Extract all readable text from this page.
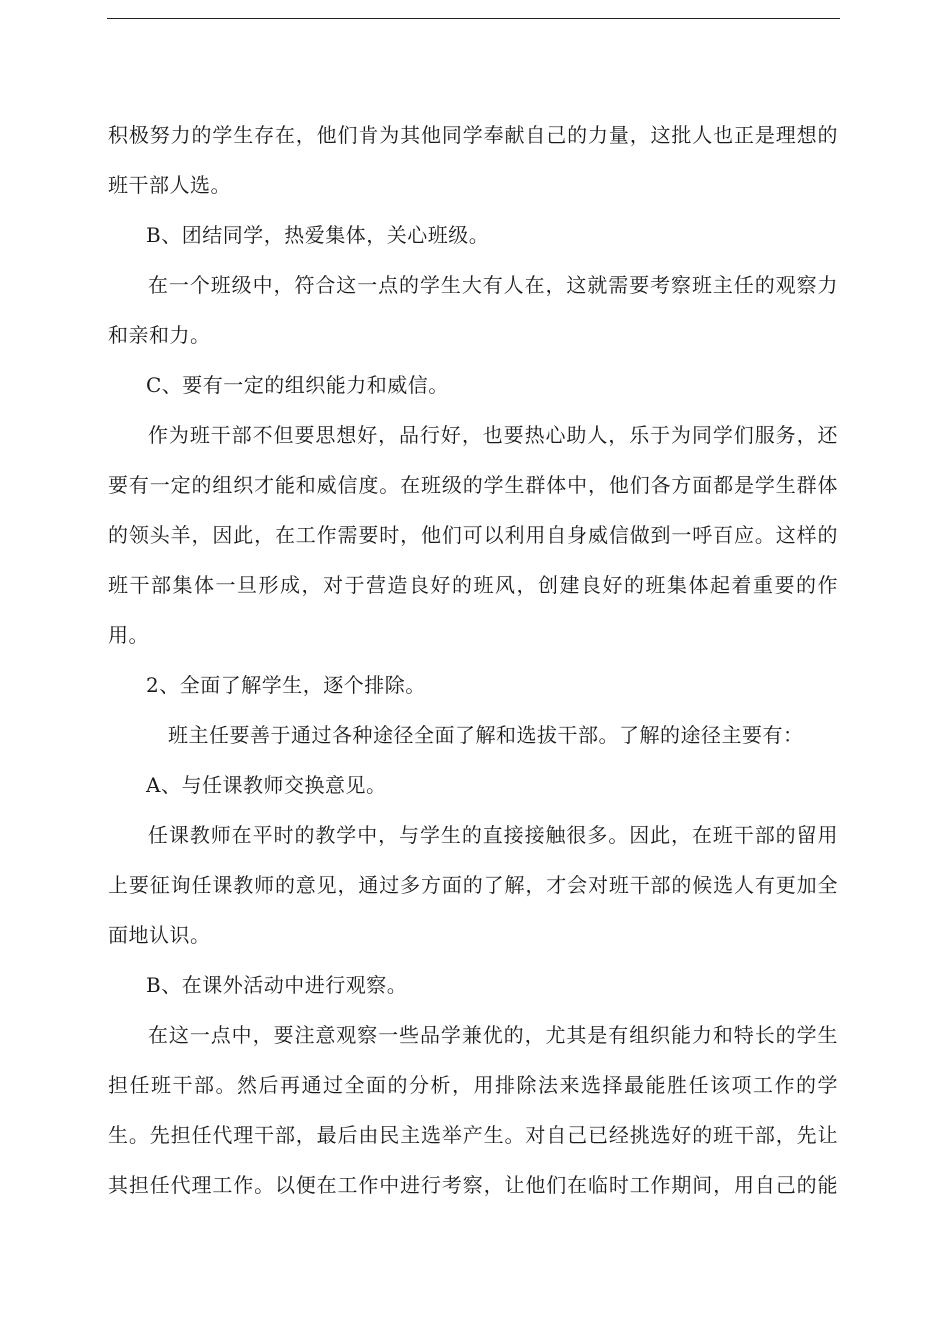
积极努力的学生存在，他们肯为其他同学奉献自己的力量，这批人也正是理想的
班干部人选。
B、团结同学，热爱集体，关心班级。
在一个班级中，符合这一点的学生大有人在，这就需要考察班主任的观察力
和亲和力。
C、要有一定的组织能力和威信。
作为班干部不但要思想好，品行好，也要热心助人，乐于为同学们服务，还
要有一定的组织才能和威信度。在班级的学生群体中，他们各方面都是学生群体
的领头羊，因此，在工作需要时，他们可以利用自身威信做到一呼百应。这样的
班干部集体一旦形成，对于营造良好的班风，创建良好的班集体起着重要的作
用。
2、全面了解学生，逐个排除。
班主任要善于通过各种途径全面了解和选拔干部。了解的途径主要有：
A、与任课教师交换意见。
任课教师在平时的教学中，与学生的直接接触很多。因此，在班干部的留用
上要征询任课教师的意见，通过多方面的了解，才会对班干部的候选人有更加全
面地认识。
B、在课外活动中进行观察。
在这一点中，要注意观察一些品学兼优的，尤其是有组织能力和特长的学生
担任班干部。然后再通过全面的分析，用排除法来选择最能胜任该项工作的学
生。先担任代理干部，最后由民主选举产生。对自己已经挑选好的班干部，先让
其担任代理工作。以便在工作中进行考察，让他们在临时工作期间，用自己的能
